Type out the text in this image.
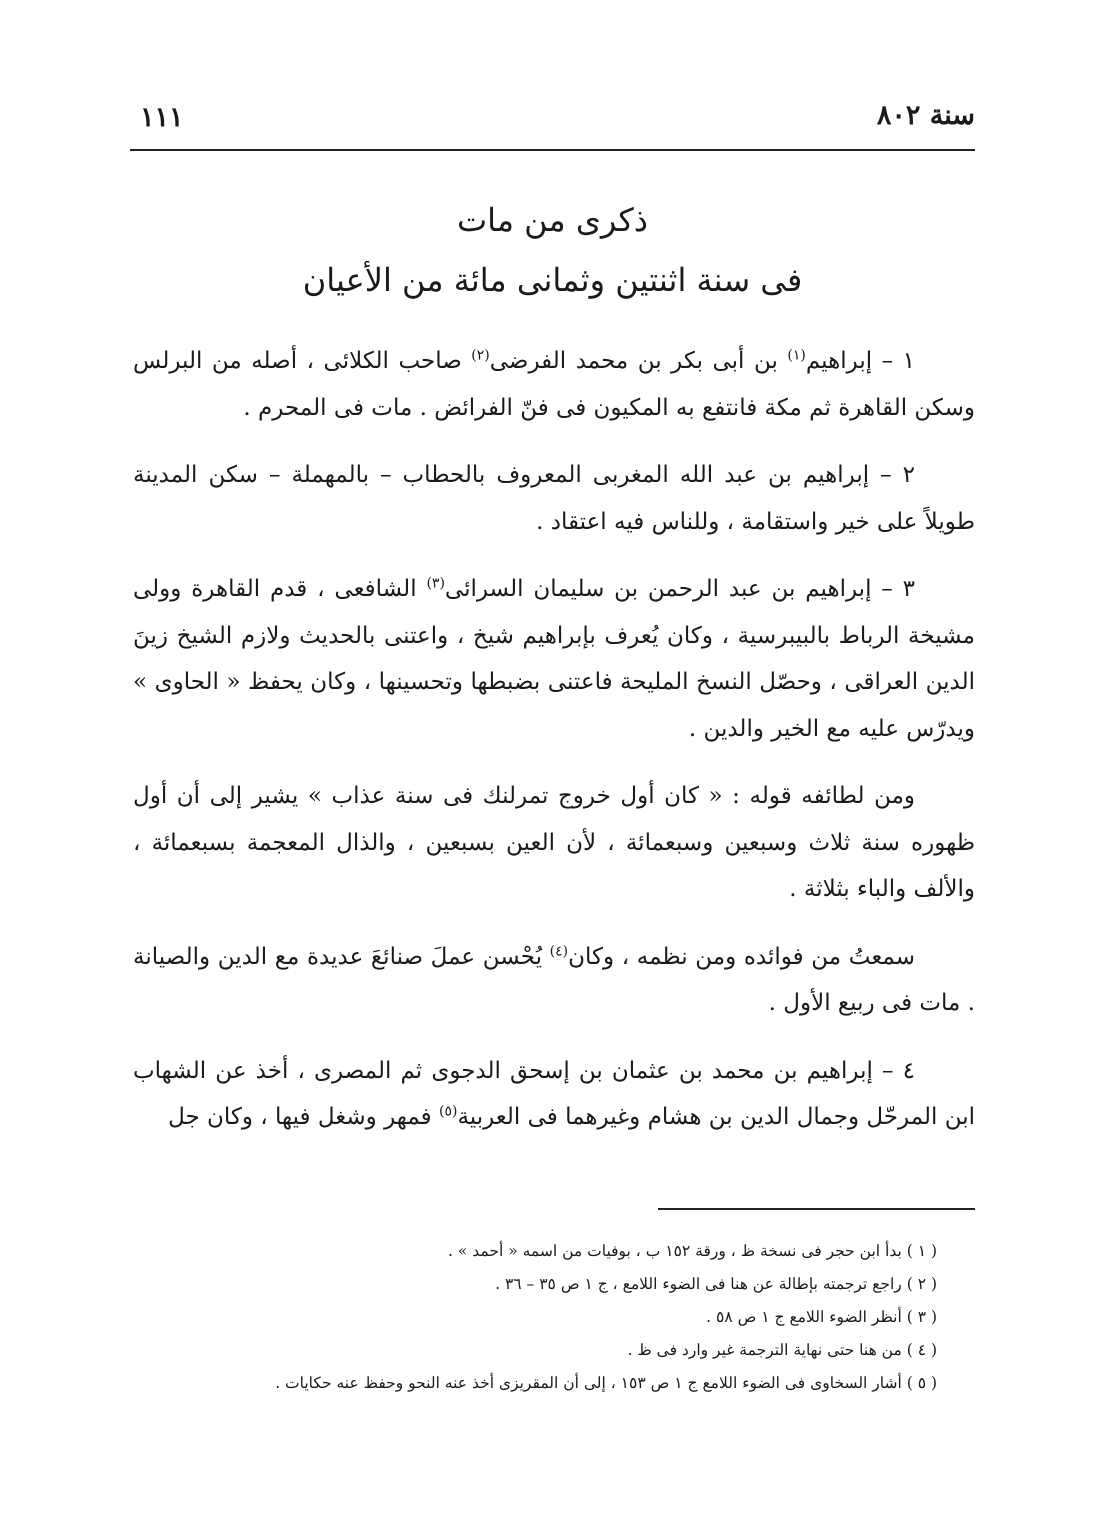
سنة ٨٠٢
١١١
ذكرى من مات
فى سنة اثنتين وثمانى مائة من الأعيان

١ – إبراهيم$^{(١)}$ بن أبى بكر بن محمد الفرضى$^{(٢)}$ صاحب الكلائى ، أصله من البرلس وسكن القاهرة ثم مكة فانتفع به المكيون فى فنّ الفرائض . مات فى المحرم .

٢ – إبراهيم بن عبد الله المغربى المعروف بالحطاب – بالمهملة – سكن المدينة طويلاً على خير واستقامة ، وللناس فيه اعتقاد .

٣ – إبراهيم بن عبد الرحمن بن سليمان السرائى$^{(٣)}$ الشافعى ، قدم القاهرة وولى مشيخة الرباط بالبيبرسية ، وكان يُعرف بإبراهيم شيخ ، واعتنى بالحديث ولازم الشيخ زينَ الدين العراقى ، وحصّل النسخ المليحة فاعتنى بضبطها وتحسينها ، وكان يحفظ « الحاوى » ويدرّس عليه مع الخير والدين .

ومن لطائفه قوله : « كان أول خروج تمرلنك فى سنة عذاب » يشير إلى أن أول ظهوره سنة ثلاث وسبعين وسبعمائة ، لأن العين بسبعين ، والذال المعجمة بسبعمائة ، والألف والباء بثلاثة .

سمعتُ من فوائده ومن نظمه ، وكان$^{(٤)}$ يُحْسن عملَ صنائعَ عديدة مع الدين والصيانة . مات فى ربيع الأول .

٤ – إبراهيم بن محمد بن عثمان بن إسحق الدجوى ثم المصرى ، أخذ عن الشهاب ابن المرحّل وجمال الدين بن هشام وغيرهما فى العربية$^{(٥)}$ فمهر وشغل فيها ، وكان جل

( ١ ) بدأ ابن حجر فى نسخة ظ ، ورقة ١٥٢ ب ، بوفيات من اسمه « أحمد » .

( ٢ ) راجع ترجمته بإطالة عن هنا فى الضوء اللامع ، ج ١ ص ٣٥ – ٣٦ .

( ٣ ) أنظر الضوء اللامع ج ١ ص ٥٨ .

( ٤ ) من هنا حتى نهاية الترجمة غير وارد فى ظ .

( ٥ ) أشار السخاوى فى الضوء اللامع ج ١ ص ١٥٣ ، إلى أن المقريزى أخذ عنه النحو وحفظ عنه حكايات .
